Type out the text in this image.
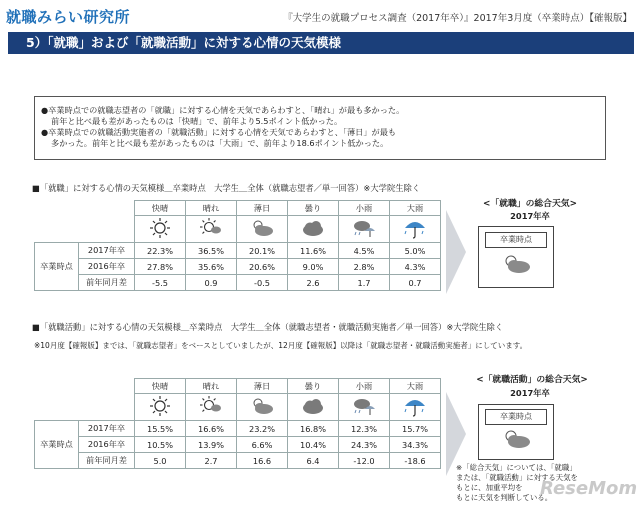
就職みらい研究所	『大学生の就職プロセス調査（2017年卒）』2017年3月度（卒業時点）【確報版】
5）「就職」および「就職活動」に対する心情の天気模様

●卒業時点での就職志望者の「就職」に対する心情を天気であらわすと、「晴れ」が最も多かった。

前年と比べ最も差があったものは「快晴」で、前年より5.5ポイント低かった。

●卒業時点での就職活動実施者の「就職活動」に対する心情を天気であらわすと、「薄日」が最も

多かった。前年と比べ最も差があったものは「大雨」で、前年より18.6ポイント低かった。

■「就職」に対する心情の天気模様＿卒業時点　大学生＿全体（就職志望者／単一回答）※大学院生除く
		快晴	晴れ	薄日	曇り	小雨	大雨

卒業時点	2017年卒	22.3%	36.5%	20.1%	11.6%	4.5%	5.0%
	2016年卒	27.8%	35.6%	20.6%	9.0%	2.8%	4.3%
	前年同月差	-5.5	0.9	-0.5	2.6	1.7	0.7
<「就職」の総合天気>
2017年卒
卒業時点
■「就職活動」に対する心情の天気模様＿卒業時点　大学生＿全体（就職志望者・就職活動実施者／単一回答）※大学院生除く
※10月度【確報版】までは、「就職志望者」をベースとしていましたが、12月度【確報版】以降は「就職志望者・就職活動実施者」にしています。
		快晴	晴れ	薄日	曇り	小雨	大雨

卒業時点	2017年卒	15.5%	16.6%	23.2%	16.8%	12.3%	15.7%
	2016年卒	10.5%	13.9%	6.6%	10.4%	24.3%	34.3%
	前年同月差	5.0	2.7	16.6	6.4	-12.0	-18.6
<「就職活動」の総合天気>
2017年卒
卒業時点
※「総合天気」については、「就職」
または、「就職活動」に対する天気を
もとに、加重平均を
もとに天気を判断している。
ReseMom
